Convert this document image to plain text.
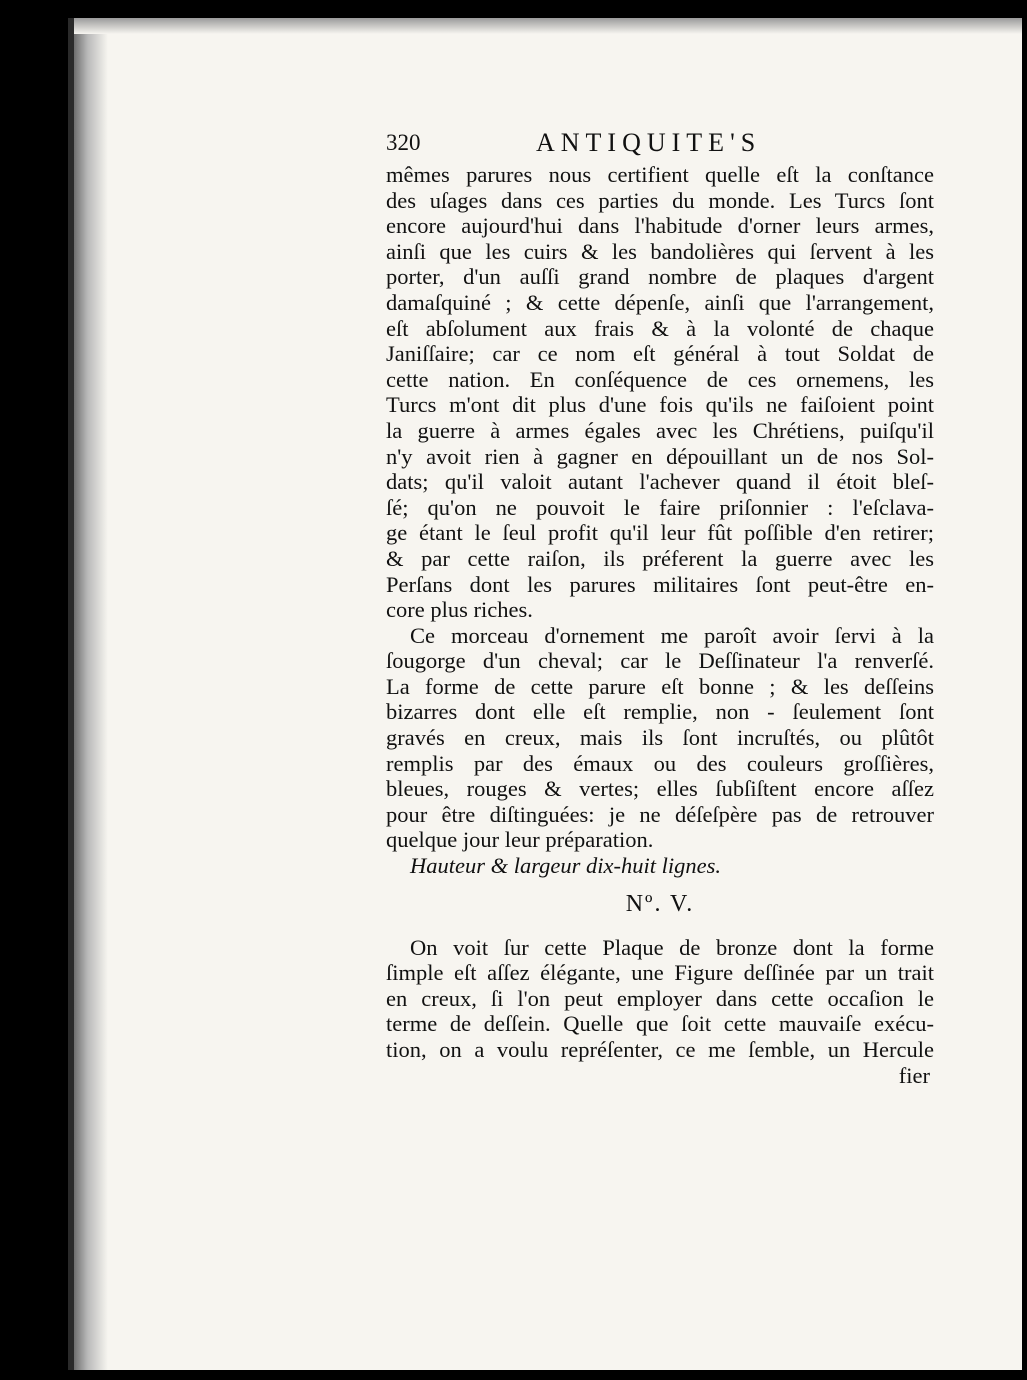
320	ANTIQUITE'S
mêmes parures nous certifient quelle eſt la conſtance
des uſages dans ces parties du monde. Les Turcs ſont
encore aujourd'hui dans l'habitude d'orner leurs armes,
ainſi que les cuirs & les bandolières qui ſervent à les
porter, d'un auſſi grand nombre de plaques d'argent
damaſquiné ; & cette dépenſe, ainſi que l'arrangement,
eſt abſolument aux frais & à la volonté de chaque
Janiſſaire; car ce nom eſt général à tout Soldat de
cette nation. En conſéquence de ces ornemens, les
Turcs m'ont dit plus d'une fois qu'ils ne faiſoient point
la guerre à armes égales avec les Chrétiens, puiſqu'il
n'y avoit rien à gagner en dépouillant un de nos Sol-
dats; qu'il valoit autant l'achever quand il étoit bleſ-
ſé; qu'on ne pouvoit le faire priſonnier : l'eſclava-
ge étant le ſeul profit qu'il leur fût poſſible d'en retirer;
& par cette raiſon, ils préferent la guerre avec les
Perſans dont les parures militaires ſont peut-être en-
core plus riches.
Ce morceau d'ornement me paroît avoir ſervi à la
ſougorge d'un cheval; car le Deſſinateur l'a renverſé.
La forme de cette parure eſt bonne ; & les deſſeins
bizarres dont elle eſt remplie, non - ſeulement ſont
gravés en creux, mais ils ſont incruſtés, ou plûtôt
remplis par des émaux ou des couleurs groſſières,
bleues, rouges & vertes; elles ſubſiſtent encore aſſez
pour être diſtinguées: je ne déſeſpère pas de retrouver
quelque jour leur préparation.
Hauteur & largeur dix-huit lignes.
Nº. V.
On voit ſur cette Plaque de bronze dont la forme
ſimple eſt aſſez élégante, une Figure deſſinée par un trait
en creux, ſi l'on peut employer dans cette occaſion le
terme de deſſein. Quelle que ſoit cette mauvaiſe exécu-
tion, on a voulu repréſenter, ce me ſemble, un Hercule
fier
